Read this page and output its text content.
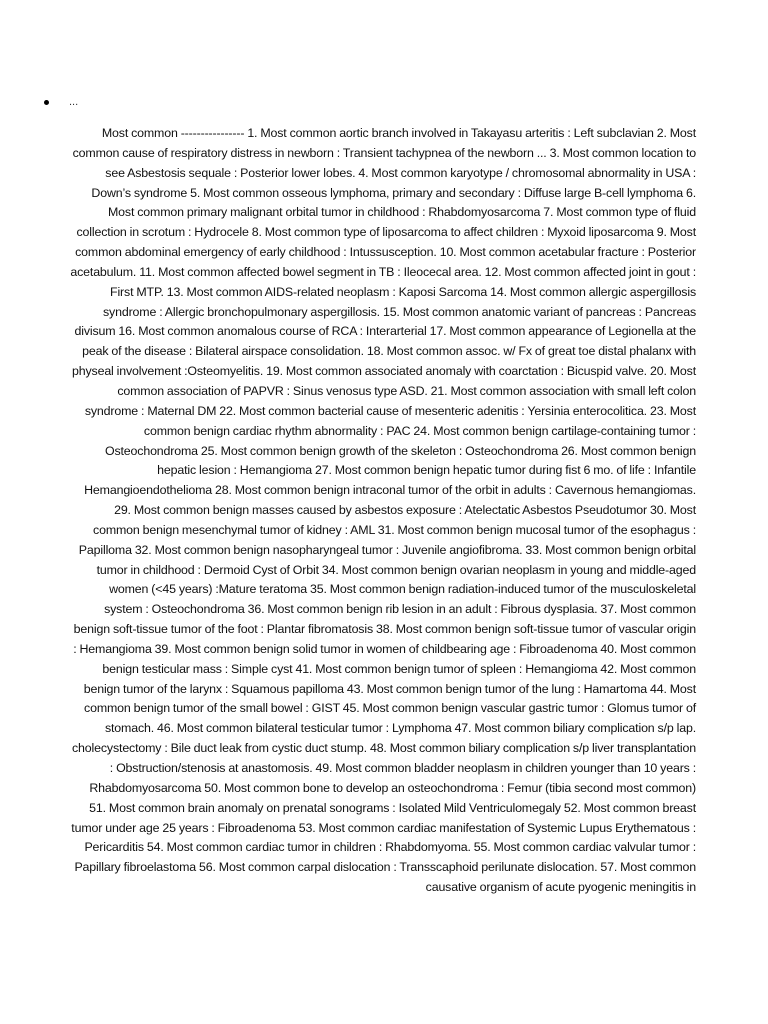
...

Most common ---------------- 1. Most common aortic branch involved in Takayasu arteritis : Left subclavian 2. Most common cause of respiratory distress in newborn : Transient tachypnea of the newborn ... 3. Most common location to see Asbestosis sequale : Posterior lower lobes. 4. Most common karyotype / chromosomal abnormality in USA : Down’s syndrome 5. Most common osseous lymphoma, primary and secondary : Diffuse large B-cell lymphoma 6. Most common primary malignant orbital tumor in childhood : Rhabdomyosarcoma 7. Most common type of fluid collection in scrotum : Hydrocele 8. Most common type of liposarcoma to affect children : Myxoid liposarcoma 9. Most common abdominal emergency of early childhood : Intussusception. 10. Most common acetabular fracture : Posterior acetabulum. 11. Most common affected bowel segment in TB : Ileocecal area. 12. Most common affected joint in gout : First MTP. 13. Most common AIDS-related neoplasm : Kaposi Sarcoma 14. Most common allergic aspergillosis syndrome : Allergic bronchopulmonary aspergillosis. 15. Most common anatomic variant of pancreas : Pancreas divisum 16. Most common anomalous course of RCA : Interarterial 17. Most common appearance of Legionella at the peak of the disease : Bilateral airspace consolidation. 18. Most common assoc. w/ Fx of great toe distal phalanx with physeal involvement :Osteomyelitis. 19. Most common associated anomaly with coarctation : Bicuspid valve. 20. Most common association of PAPVR : Sinus venosus type ASD. 21. Most common association with small left colon syndrome : Maternal DM 22. Most common bacterial cause of mesenteric adenitis : Yersinia enterocolitica. 23. Most common benign cardiac rhythm abnormality : PAC 24. Most common benign cartilage-containing tumor : Osteochondroma 25. Most common benign growth of the skeleton : Osteochondroma 26. Most common benign hepatic lesion : Hemangioma 27. Most common benign hepatic tumor during fist 6 mo. of life : Infantile Hemangioendothelioma 28. Most common benign intraconal tumor of the orbit in adults : Cavernous hemangiomas. 29. Most common benign masses caused by asbestos exposure : Atelectatic Asbestos Pseudotumor 30. Most common benign mesenchymal tumor of kidney : AML 31. Most common benign mucosal tumor of the esophagus : Papilloma 32. Most common benign nasopharyngeal tumor : Juvenile angiofibroma. 33. Most common benign orbital tumor in childhood : Dermoid Cyst of Orbit 34. Most common benign ovarian neoplasm in young and middle-aged women (<45 years) :Mature teratoma 35. Most common benign radiation-induced tumor of the musculoskeletal system : Osteochondroma 36. Most common benign rib lesion in an adult : Fibrous dysplasia. 37. Most common benign soft-tissue tumor of the foot : Plantar fibromatosis 38. Most common benign soft-tissue tumor of vascular origin : Hemangioma 39. Most common benign solid tumor in women of childbearing age : Fibroadenoma 40. Most common benign testicular mass : Simple cyst 41. Most common benign tumor of spleen : Hemangioma 42. Most common benign tumor of the larynx : Squamous papilloma 43. Most common benign tumor of the lung : Hamartoma 44. Most common benign tumor of the small bowel : GIST 45. Most common benign vascular gastric tumor : Glomus tumor of stomach. 46. Most common bilateral testicular tumor : Lymphoma 47. Most common biliary complication s/p lap. cholecystectomy : Bile duct leak from cystic duct stump. 48. Most common biliary complication s/p liver transplantation : Obstruction/stenosis at anastomosis. 49. Most common bladder neoplasm in children younger than 10 years : Rhabdomyosarcoma 50. Most common bone to develop an osteochondroma : Femur (tibia second most common) 51. Most common brain anomaly on prenatal sonograms : Isolated Mild Ventriculomegaly 52. Most common breast tumor under age 25 years : Fibroadenoma 53. Most common cardiac manifestation of Systemic Lupus Erythematous : Pericarditis 54. Most common cardiac tumor in children : Rhabdomyoma. 55. Most common cardiac valvular tumor : Papillary fibroelastoma 56. Most common carpal dislocation : Transscaphoid perilunate dislocation. 57. Most common causative organism of acute pyogenic meningitis in
